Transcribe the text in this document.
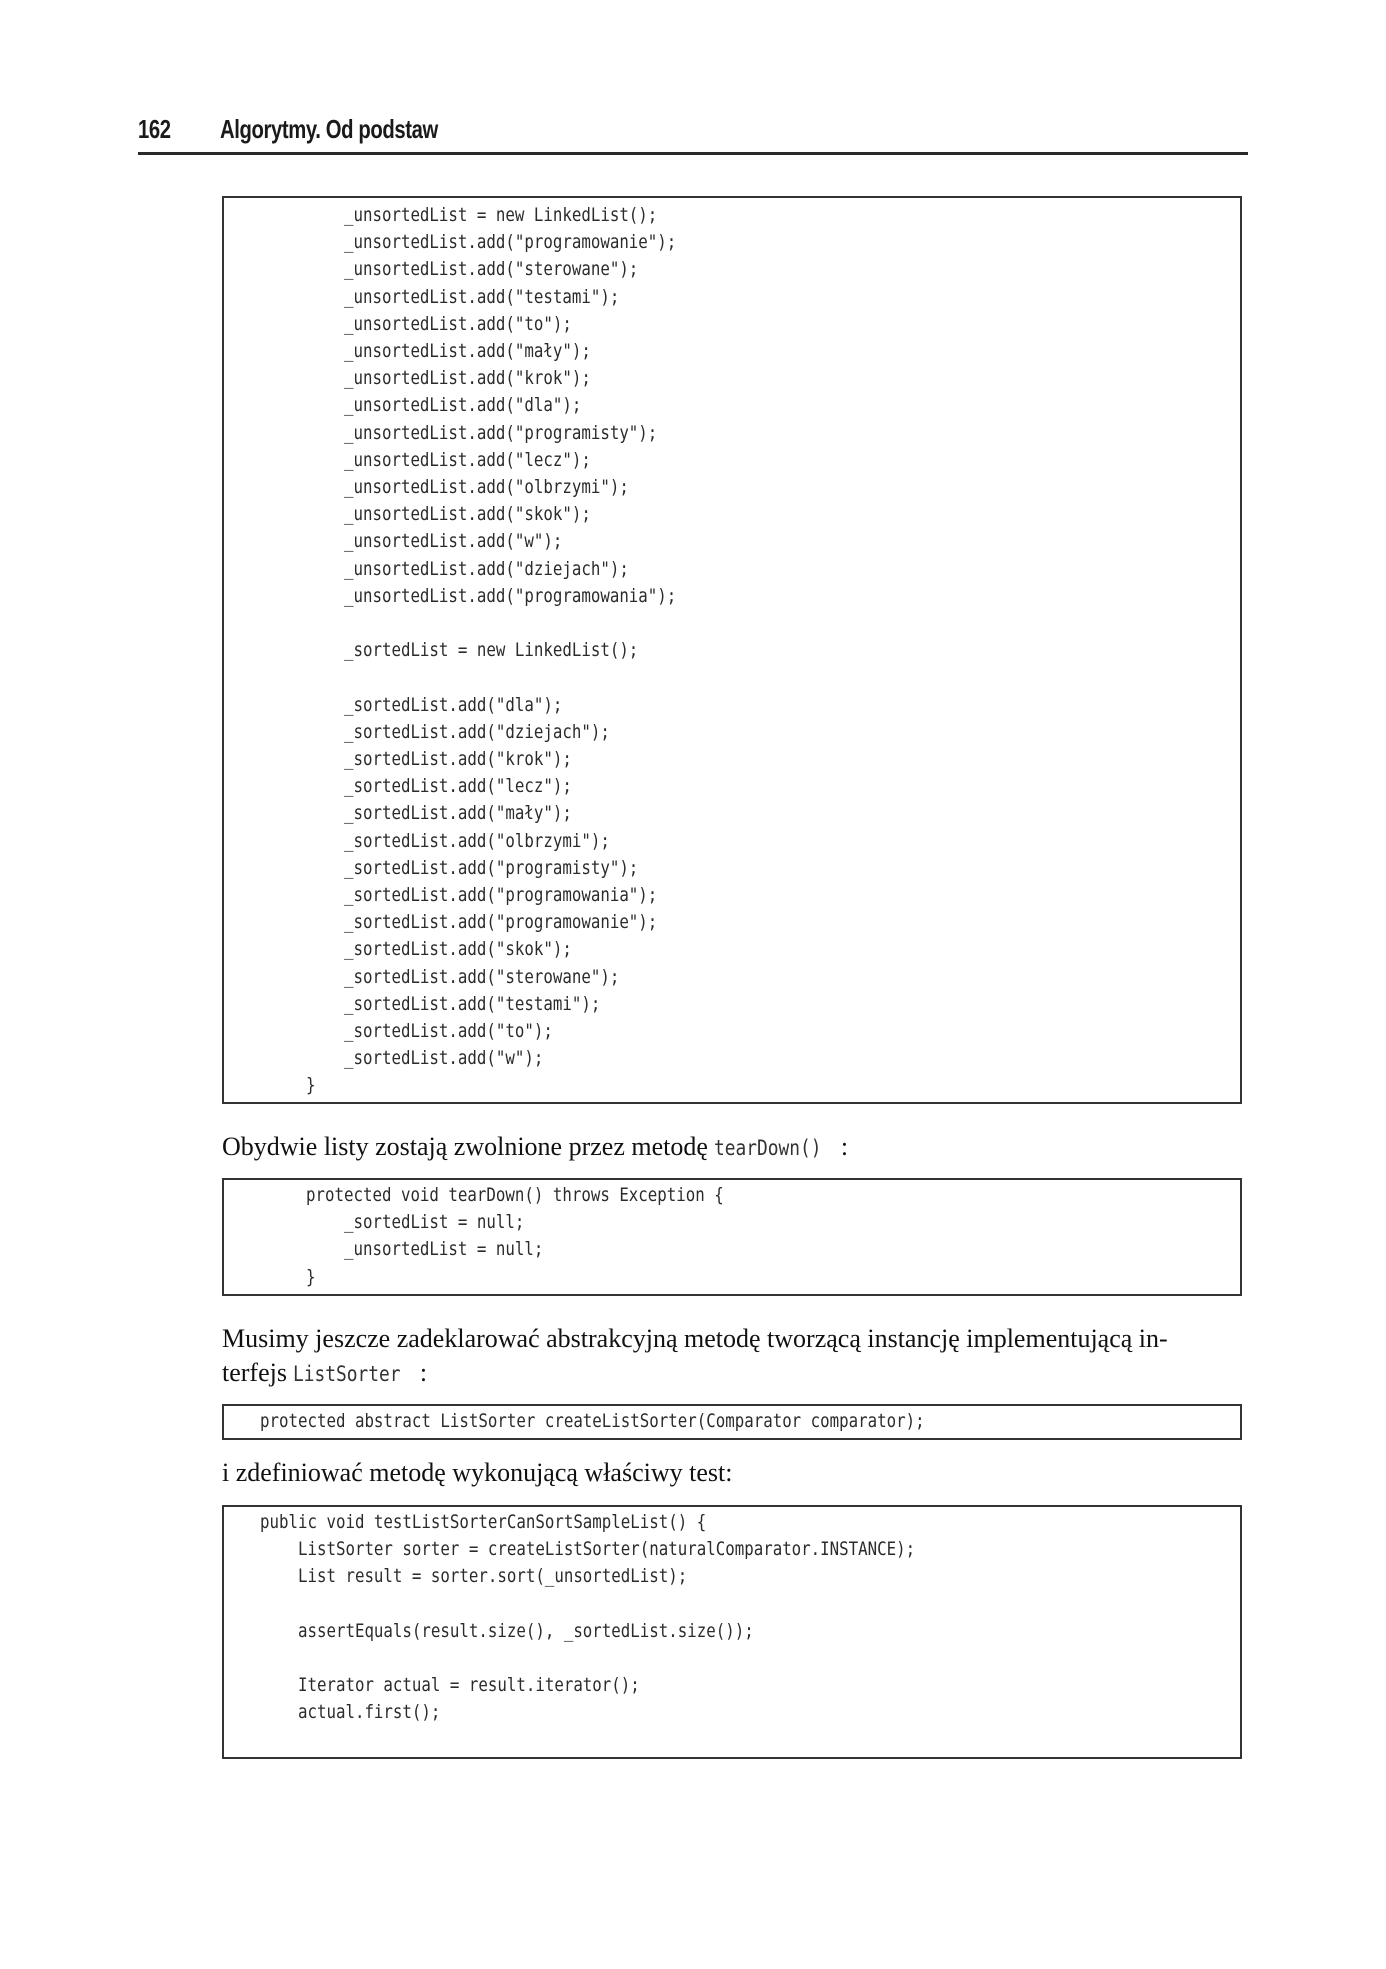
162 Algorytmy. Od podstaw
_unsortedList = new LinkedList();
_unsortedList.add("programowanie");
_unsortedList.add("sterowane");
_unsortedList.add("testami");
_unsortedList.add("to");
_unsortedList.add("mały");
_unsortedList.add("krok");
_unsortedList.add("dla");
_unsortedList.add("programisty");
_unsortedList.add("lecz");
_unsortedList.add("olbrzymi");
_unsortedList.add("skok");
_unsortedList.add("w");
_unsortedList.add("dziejach");
_unsortedList.add("programowania");
_sortedList = new LinkedList();
_sortedList.add("dla");
_sortedList.add("dziejach");
_sortedList.add("krok");
_sortedList.add("lecz");
_sortedList.add("mały");
_sortedList.add("olbrzymi");
_sortedList.add("programisty");
_sortedList.add("programowania");
_sortedList.add("programowanie");
_sortedList.add("skok");
_sortedList.add("sterowane");
_sortedList.add("testami");
_sortedList.add("to");
_sortedList.add("w");
}
Obydwie listy zostają zwolnione przez metodę tearDown() :
protected void tearDown() throws Exception {
_sortedList = null;
_unsortedList = null;
}
Musimy jeszcze zadeklarować abstrakcyjną metodę tworzącą instancję implementującą in-
terfejs ListSorter :
protected abstract ListSorter createListSorter(Comparator comparator);
i zdefiniować metodę wykonującą właściwy test:
public void testListSorterCanSortSampleList() {
ListSorter sorter = createListSorter(naturalComparator.INSTANCE);
List result = sorter.sort(_unsortedList);
assertEquals(result.size(), _sortedList.size());
Iterator actual = result.iterator();
actual.first();
